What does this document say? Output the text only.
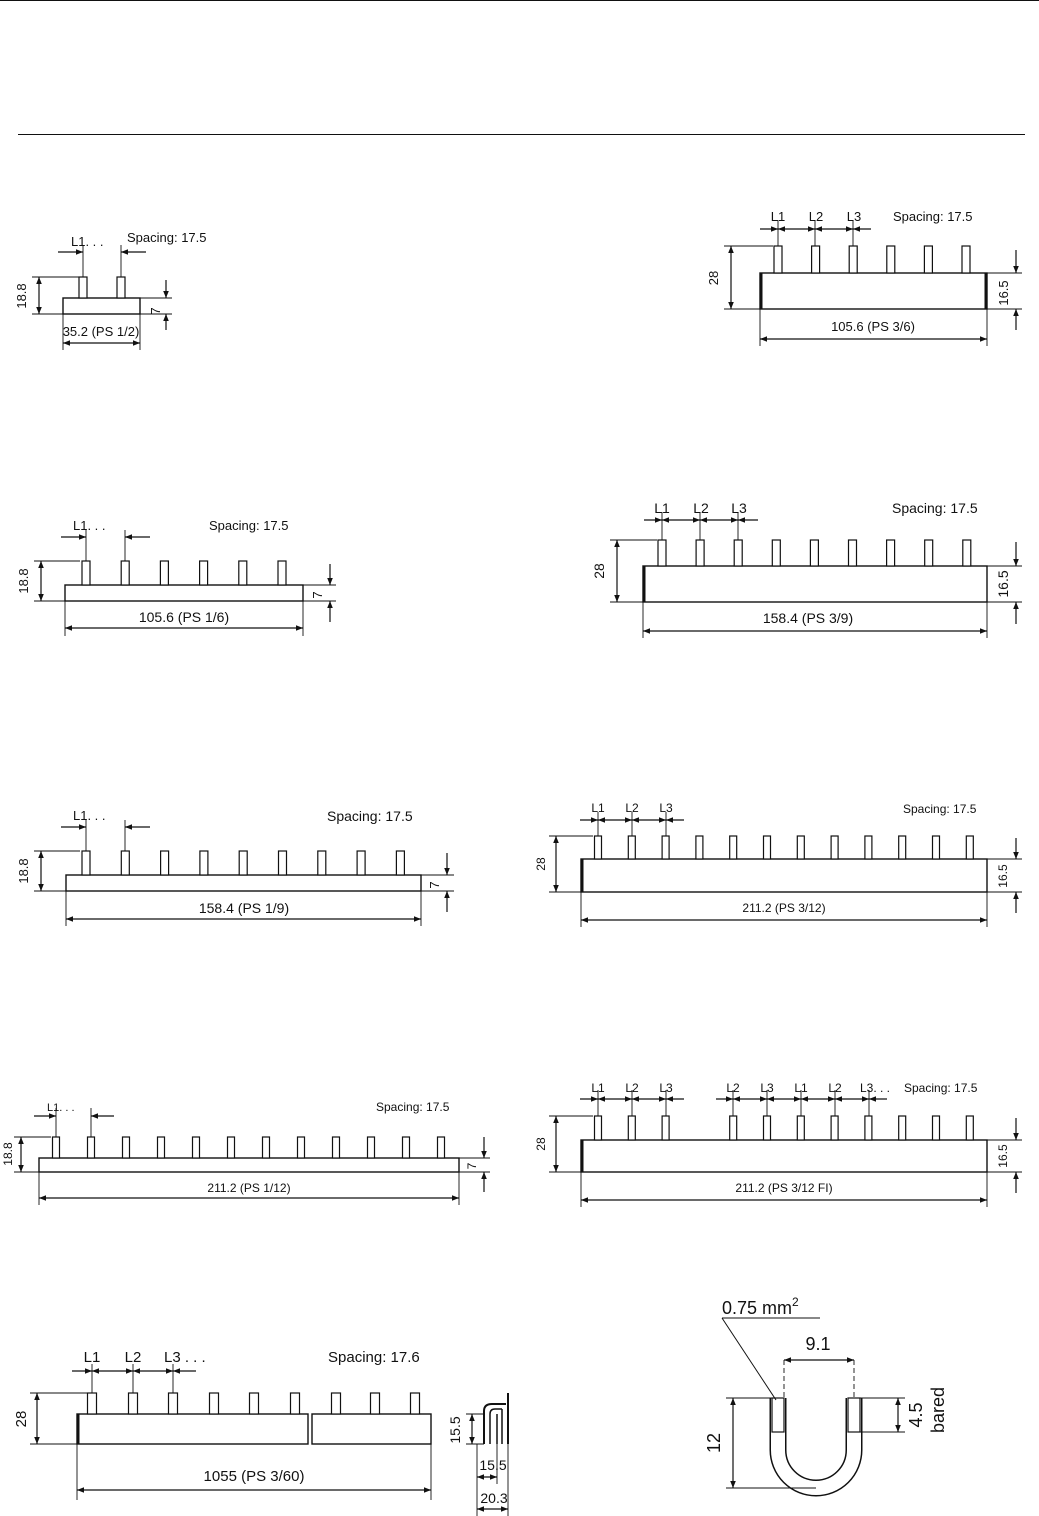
L1. . . Spacing: 17.5
18.8
7
35.2 (PS 1/2)
L1 L2 L3 Spacing: 17.5
28
16.5
105.6 (PS 3/6)
L1. . .	Spacing: 17.5
18.8
7
105.6 (PS 1/6)
L1 L2 L3	Spacing: 17.5
28	16.5
158.4 (PS 3/9)
L1. . .	Spacing: 17.5
18.8
7
158.4 (PS 1/9)
L1 L2 L3	Spacing: 17.5
28
16.5
211.2 (PS 3/12)
L1. . .	Spacing: 17.5
18.8
7
211.2 (PS 1/12)
L1 L2 L3	L2 L3 L1 L2 L3. . . Spacing: 17.5
28
16.5
211.2 (PS 3/12 FI)
L1 L2 L3 . . .	Spacing: 17.6
28
1055 (PS 3/60)
15.5
15.5
20.3
9.1
0.75 $mm^2$
4.5 bared
12
